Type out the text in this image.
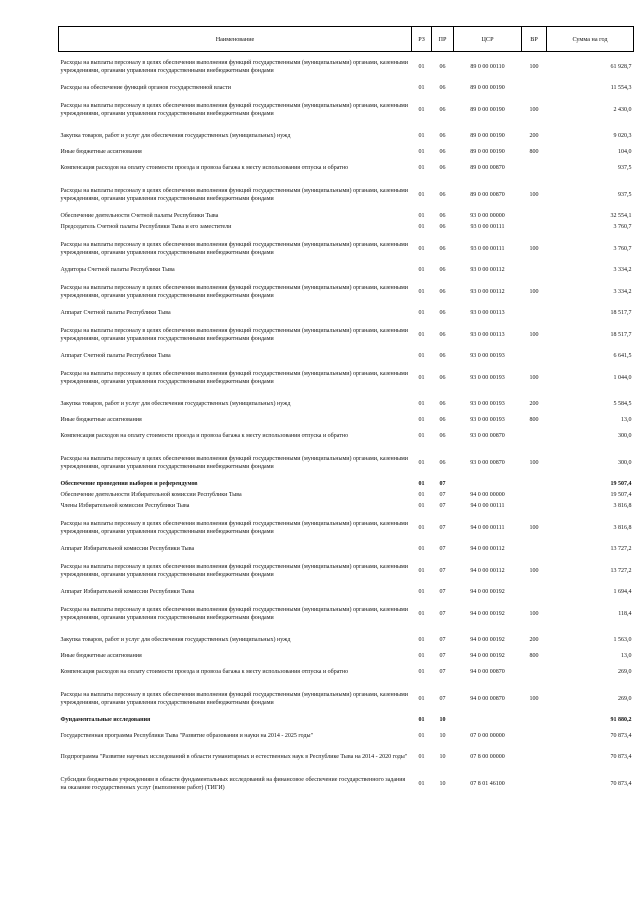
Наименование	РЗ	ПР	ЦСР	ВР	Сумма на год
Расходы на выплаты персоналу в целях обеспечения выполнения функций государственными (муниципальными) органами, казенными учреждениями, органами управления государственными внебюджетными фондами	01	06	89 0 00 00110	100	61 928,7
Расходы на обеспечение функций органов государственной власти	01	06	89 0 00 00190		11 554,3
Расходы на выплаты персоналу в целях обеспечения выполнения функций государственными (муниципальными) органами, казенными учреждениями, органами управления государственными внебюджетными фондами	01	06	89 0 00 00190	100	2 430,0
Закупка товаров, работ и услуг для обеспечения государственных (муниципальных) нужд	01	06	89 0 00 00190	200	9 020,3
Иные бюджетные ассигнования	01	06	89 0 00 00190	800	104,0
Компенсация расходов на оплату стоимости проезда и провоза багажа к месту использования отпуска и обратно	01	06	89 0 00 00870		937,5
Расходы на выплаты персоналу в целях обеспечения выполнения функций государственными (муниципальными) органами, казенными учреждениями, органами управления государственными внебюджетными фондами	01	06	89 0 00 00870	100	937,5
Обеспечение деятельности Счетной палаты Республики Тыва	01	06	93 0 00 00000		32 554,1
Председатель Счетной палаты Республики Тыва и его заместители	01	06	93 0 00 00111		3 760,7
Расходы на выплаты персоналу в целях обеспечения выполнения функций государственными (муниципальными) органами, казенными учреждениями, органами управления государственными внебюджетными фондами	01	06	93 0 00 00111	100	3 760,7
Аудиторы Счетной палаты Республики Тыва	01	06	93 0 00 00112		3 334,2
Расходы на выплаты персоналу в целях обеспечения выполнения функций государственными (муниципальными) органами, казенными учреждениями, органами управления государственными внебюджетными фондами	01	06	93 0 00 00112	100	3 334,2
Аппарат Счетной палаты Республики Тыва	01	06	93 0 00 00113		18 517,7
Расходы на выплаты персоналу в целях обеспечения выполнения функций государственными (муниципальными) органами, казенными учреждениями, органами управления государственными внебюджетными фондами	01	06	93 0 00 00113	100	18 517,7
Аппарат Счетной палаты Республики Тыва	01	06	93 0 00 00193		6 641,5
Расходы на выплаты персоналу в целях обеспечения выполнения функций государственными (муниципальными) органами, казенными учреждениями, органами управления государственными внебюджетными фондами	01	06	93 0 00 00193	100	1 044,0
Закупка товаров, работ и услуг для обеспечения государственных (муниципальных) нужд	01	06	93 0 00 00193	200	5 584,5
Иные бюджетные ассигнования	01	06	93 0 00 00193	800	13,0
Компенсация расходов на оплату стоимости проезда и провоза багажа к месту использования отпуска и обратно	01	06	93 0 00 00870		300,0
Расходы на выплаты персоналу в целях обеспечения выполнения функций государственными (муниципальными) органами, казенными учреждениями, органами управления государственными внебюджетными фондами	01	06	93 0 00 00870	100	300,0
Обеспечение проведения выборов и референдумов	01	07			19 507,4
Обеспечение деятельности Избирательной комиссии Республики Тыва	01	07	94 0 00 00000		19 507,4
Члены Избирательной комиссии Республики Тыва	01	07	94 0 00 00111		3 816,8
Расходы на выплаты персоналу в целях обеспечения выполнения функций государственными (муниципальными) органами, казенными учреждениями, органами управления государственными внебюджетными фондами	01	07	94 0 00 00111	100	3 816,8
Аппарат Избирательной комиссии Республики Тыва	01	07	94 0 00 00112		13 727,2
Расходы на выплаты персоналу в целях обеспечения выполнения функций государственными (муниципальными) органами, казенными учреждениями, органами управления государственными внебюджетными фондами	01	07	94 0 00 00112	100	13 727,2
Аппарат Избирательной комиссии Республики Тыва	01	07	94 0 00 00192		1 694,4
Расходы на выплаты персоналу в целях обеспечения выполнения функций государственными (муниципальными) органами, казенными учреждениями, органами управления государственными внебюджетными фондами	01	07	94 0 00 00192	100	118,4
Закупка товаров, работ и услуг для обеспечения государственных (муниципальных) нужд	01	07	94 0 00 00192	200	1 563,0
Иные бюджетные ассигнования	01	07	94 0 00 00192	800	13,0
Компенсация расходов на оплату стоимости проезда и провоза багажа к месту использования отпуска и обратно	01	07	94 0 00 00870		269,0
Расходы на выплаты персоналу в целях обеспечения выполнения функций государственными (муниципальными) органами, казенными учреждениями, органами управления государственными внебюджетными фондами	01	07	94 0 00 00870	100	269,0
Фундаментальные исследования	01	10			91 880,2
Государственная программа Республики Тыва "Развитие образования и науки на 2014 - 2025 годы"	01	10	07 0 00 00000		70 873,4
Подпрограмма "Развитие научных исследований в области гуманитарных и естественных наук в Республике Тыва на 2014 - 2020 годы"	01	10	07 8 00 00000		70 873,4
Субсидии бюджетным учреждениям в области фундаментальных исследований на финансовое обеспечение государственного задания на оказание государственных услуг (выполнение работ) (ТИГИ)	01	10	07 8 01 46100		70 873,4
